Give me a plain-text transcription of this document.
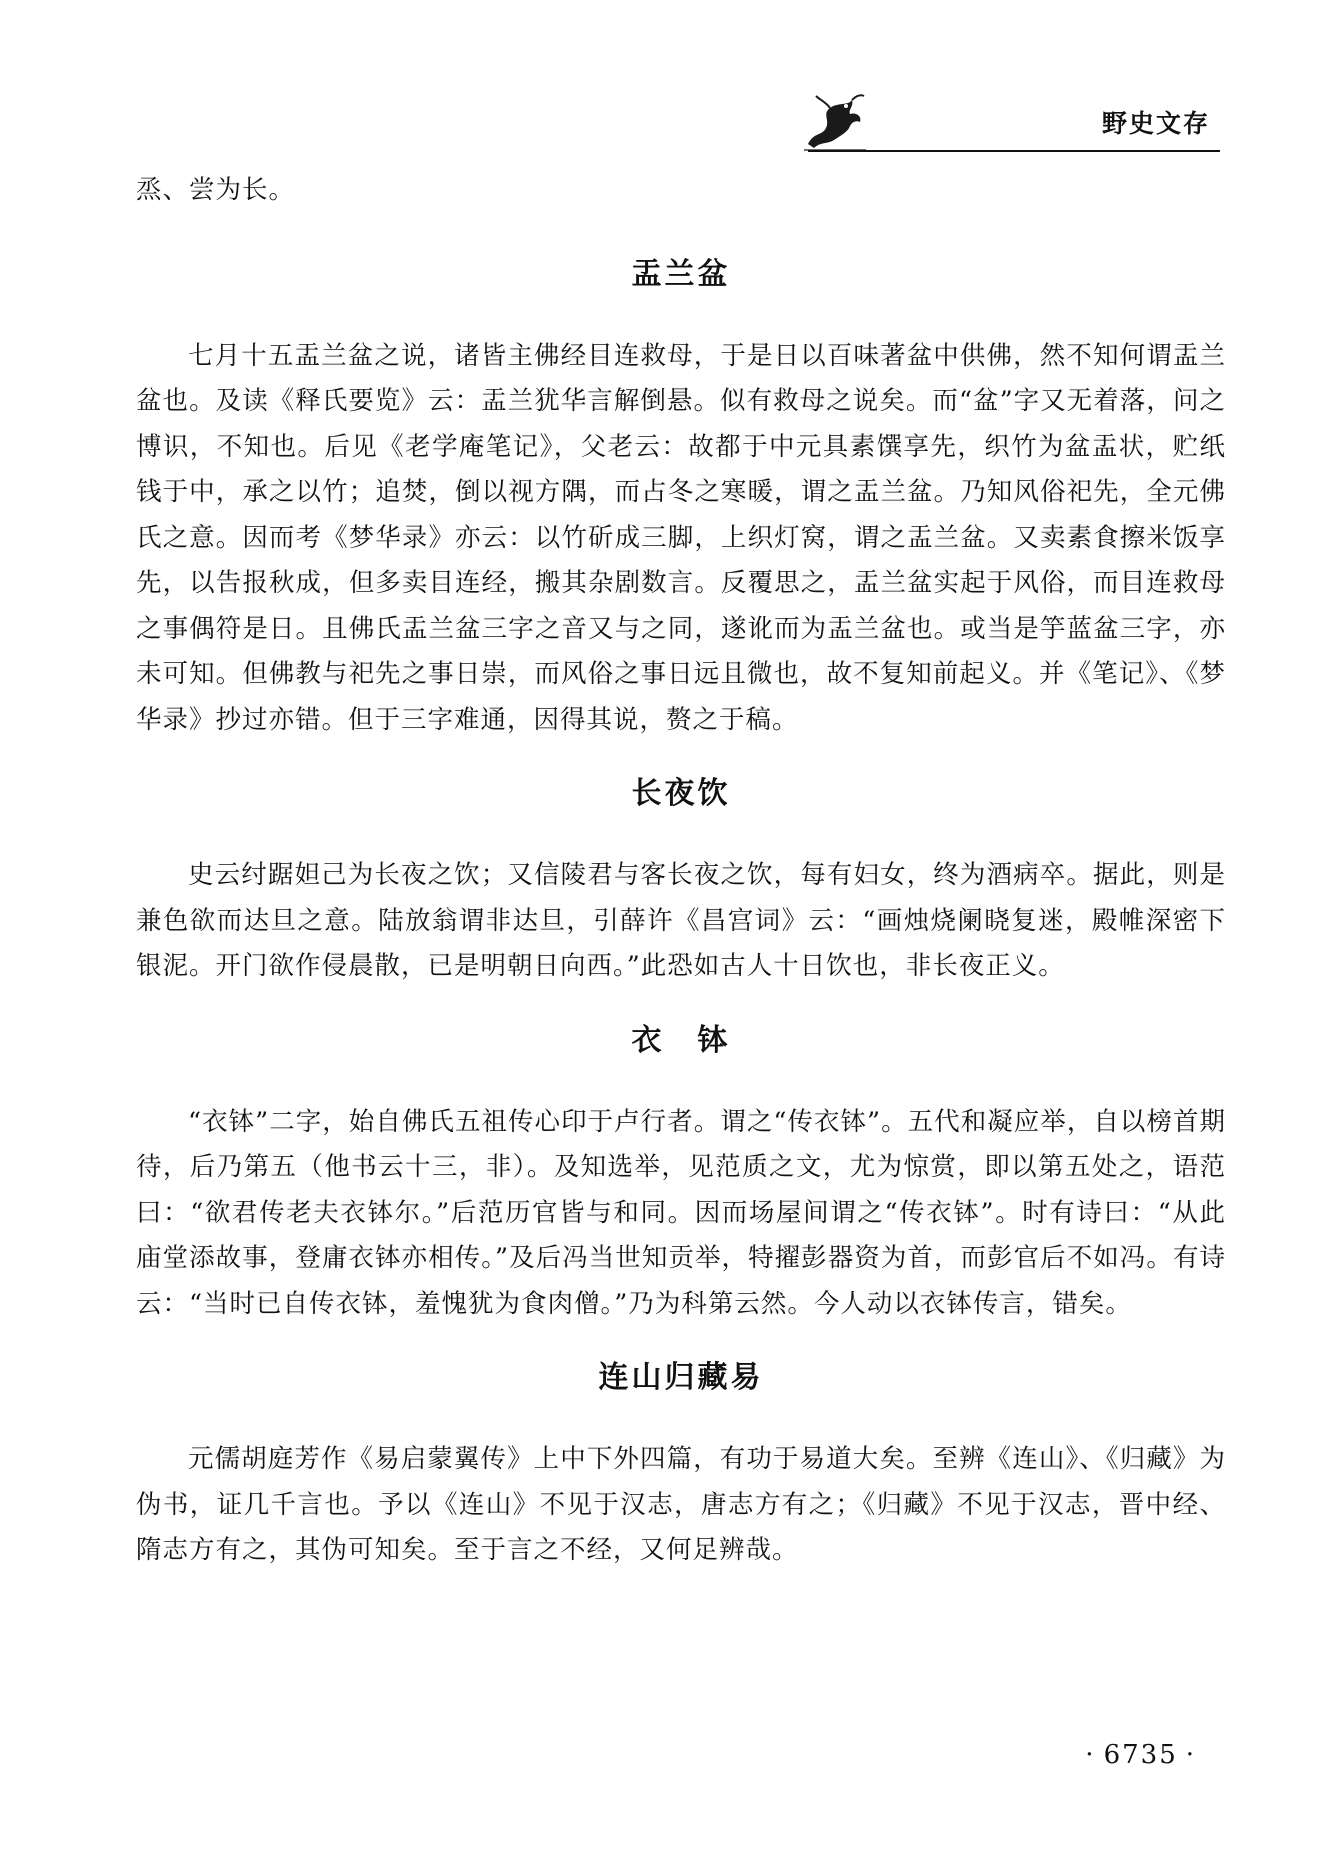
野史文存

烝、尝为长。

盂兰盆

七月十五盂兰盆之说，诸皆主佛经目连救母，于是日以百味著盆中供佛，然不知何谓盂兰盆也。及读《释氏要览》云：盂兰犹华言解倒悬。似有救母之说矣。而“盆”字又无着落，问之博识，不知也。后见《老学庵笔记》，父老云：故都于中元具素馔享先，织竹为盆盂状，贮纸钱于中，承之以竹；追焚，倒以视方隅，而占冬之寒暖，谓之盂兰盆。乃知风俗祀先，全元佛氏之意。因而考《梦华录》亦云：以竹斫成三脚，上织灯窝，谓之盂兰盆。又卖素食擦米饭享先，以告报秋成，但多卖目连经，搬其杂剧数言。反覆思之，盂兰盆实起于风俗，而目连救母之事偶符是日。且佛氏盂兰盆三字之音又与之同，遂讹而为盂兰盆也。或当是竽蓝盆三字，亦未可知。但佛教与祀先之事日崇，而风俗之事日远且微也，故不复知前起义。并《笔记》、《梦华录》抄过亦错。但于三字难通，因得其说，赘之于稿。

长夜饮

史云纣踞妲己为长夜之饮；又信陵君与客长夜之饮，每有妇女，终为酒病卒。据此，则是兼色欲而达旦之意。陆放翁谓非达旦，引薛许《昌宫词》云：“画烛烧阑晓复迷，殿帷深密下银泥。开门欲作侵晨散，已是明朝日向西。”此恐如古人十日饮也，非长夜正义。

衣　钵

“衣钵”二字，始自佛氏五祖传心印于卢行者。谓之“传衣钵”。五代和凝应举，自以榜首期待，后乃第五（他书云十三，非）。及知选举，见范质之文，尤为惊赏，即以第五处之，语范曰：“欲君传老夫衣钵尔。”后范历官皆与和同。因而场屋间谓之“传衣钵”。时有诗曰：“从此庙堂添故事，登庸衣钵亦相传。”及后冯当世知贡举，特擢彭器资为首，而彭官后不如冯。有诗云：“当时已自传衣钵，羞愧犹为食肉僧。”乃为科第云然。今人动以衣钵传言，错矣。

连山归藏易

元儒胡庭芳作《易启蒙翼传》上中下外四篇，有功于易道大矣。至辨《连山》、《归藏》为伪书，证几千言也。予以《连山》不见于汉志，唐志方有之；《归藏》不见于汉志，晋中经、隋志方有之，其伪可知矣。至于言之不经，又何足辨哉。

· 6735 ·
